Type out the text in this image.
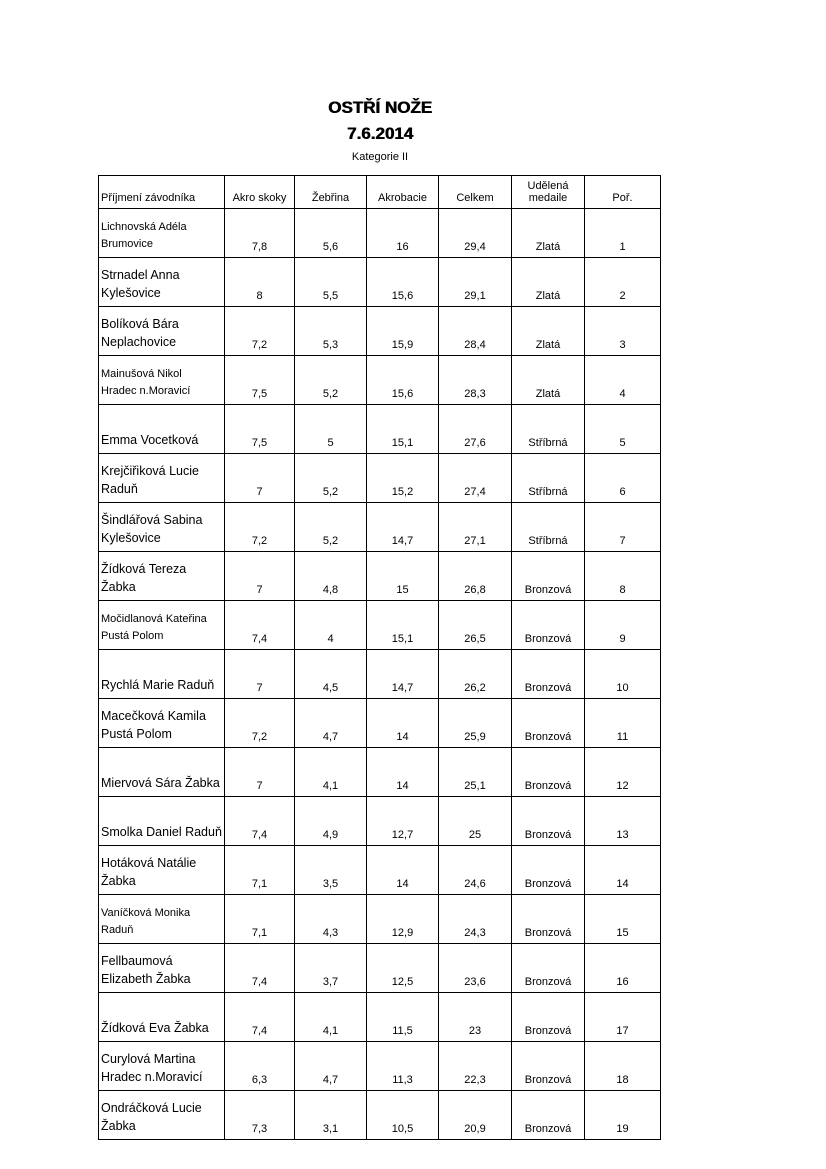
OSTŘÍ NOŽE
7.6.2014
Kategorie II
Příjmení závodníka	Akro skoky	Žebřina	Akrobacie	Celkem	Udělená medaile	Poř.

Lichnovská Adéla
Brumovice	7,8	5,6	16	29,4	Zlatá	1

Strnadel Anna
Kylešovice	8	5,5	15,6	29,1	Zlatá	2

Bolíková Bára
Neplachovice	7,2	5,3	15,9	28,4	Zlatá	3

Mainušová Nikol
Hradec n.Moravicí	7,5	5,2	15,6	28,3	Zlatá	4

Emma Vocetková	7,5	5	15,1	27,6	Stříbrná	5

Krejčiřiková Lucie
Raduň	7	5,2	15,2	27,4	Stříbrná	6

Šindlářová Sabina
Kylešovice	7,2	5,2	14,7	27,1	Stříbrná	7

Žídková Tereza
Žabka	7	4,8	15	26,8	Bronzová	8

Močidlanová Kateřina
Pustá Polom	7,4	4	15,1	26,5	Bronzová	9

Rychlá Marie Raduň	7	4,5	14,7	26,2	Bronzová	10

Macečková Kamila
Pustá Polom	7,2	4,7	14	25,9	Bronzová	11

Miervová Sára Žabka	7	4,1	14	25,1	Bronzová	12

Smolka Daniel Raduň	7,4	4,9	12,7	25	Bronzová	13

Hotáková Natálie
Žabka	7,1	3,5	14	24,6	Bronzová	14

Vaníčková Monika
Raduň	7,1	4,3	12,9	24,3	Bronzová	15

Fellbaumová
Elizabeth Žabka	7,4	3,7	12,5	23,6	Bronzová	16

Žídková Eva Žabka	7,4	4,1	11,5	23	Bronzová	17

Curylová Martina
Hradec n.Moravicí	6,3	4,7	11,3	22,3	Bronzová	18

Ondráčková Lucie
Žabka	7,3	3,1	10,5	20,9	Bronzová	19
